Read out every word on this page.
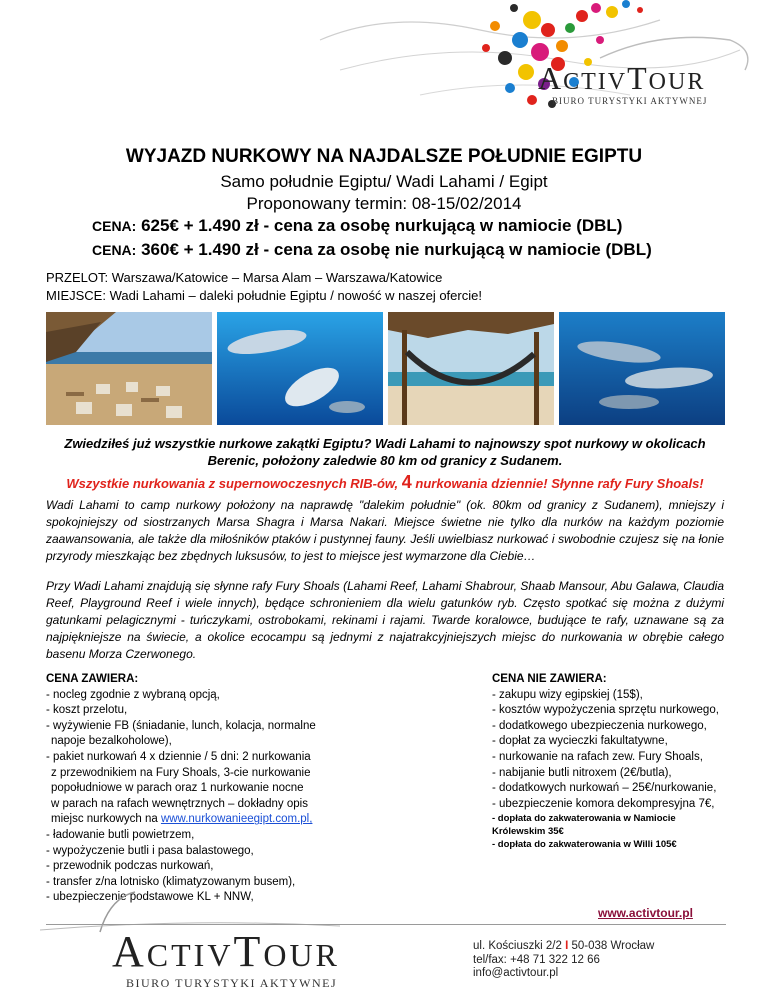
ACTIVTOUR
BIURO TURYSTYKI AKTYWNEJ
WYJAZD NURKOWY NA NAJDALSZE POŁUDNIE EGIPTU
Samo południe Egiptu/ Wadi Lahami / Egipt
Proponowany termin: 08-15/02/2014
CENA: 625€ + 1.490 zł - cena za osobę nurkującą w namiocie (DBL)
CENA: 360€ + 1.490 zł - cena za osobę nie nurkującą w namiocie (DBL)
PRZELOT: Warszawa/Katowice – Marsa Alam – Warszawa/Katowice
MIEJSCE: Wadi Lahami – daleki południe Egiptu / nowość w naszej ofercie!
Zwiedziłeś już wszystkie nurkowe zakątki Egiptu? Wadi Lahami to najnowszy spot nurkowy w okolicach Berenic, położony zaledwie 80 km od granicy z Sudanem.
Wszystkie nurkowania z supernowoczesnych RIB-ów, 4 nurkowania dziennie! Słynne rafy Fury Shoals!
Wadi Lahami to camp nurkowy położony na naprawdę "dalekim południe" (ok. 80km od granicy z Sudanem), mniejszy i spokojniejszy od siostrzanych Marsa Shagra i Marsa Nakari. Miejsce świetne nie tylko dla nurków na każdym poziomie zaawansowania, ale także dla miłośników ptaków i pustynnej fauny. Jeśli uwielbiasz nurkować i swobodnie czujesz się na łonie przyrody mieszkając bez zbędnych luksusów, to jest to miejsce jest wymarzone dla Ciebie…
Przy Wadi Lahami znajdują się słynne rafy Fury Shoals (Lahami Reef, Lahami Shabrour, Shaab Mansour, Abu Galawa, Claudia Reef, Playground Reef i wiele innych), będące schronieniem dla wielu gatunków ryb. Często spotkać się można z dużymi gatunkami pelagicznymi - tuńczykami, ostrobokami, rekinami i rajami. Twarde koralowce, budujące te rafy, uznawane są za najpiękniejsze na świecie, a okolice ecocampu są jednymi z najatrakcyjniejszych miejsc do nurkowania w obrębie całego basenu Morza Czerwonego.
CENA ZAWIERA:
- nocleg zgodnie z wybraną opcją,
- koszt przelotu,
- wyżywienie FB (śniadanie, lunch, kolacja, normalne
napoje bezalkoholowe),
- pakiet nurkowań 4 x dziennie / 5 dni: 2 nurkowania
z przewodnikiem na Fury Shoals, 3-cie nurkowanie
popołudniowe w parach oraz 1 nurkowanie nocne
w parach na rafach wewnętrznych – dokładny opis
miejsc nurkowych na www.nurkowanieegipt.com.pl,
- ładowanie butli powietrzem,
- wypożyczenie butli i pasa balastowego,
- przewodnik podczas nurkowań,
- transfer z/na lotnisko (klimatyzowanym busem),
- ubezpieczenie podstawowe KL + NNW,
CENA NIE ZAWIERA:
- zakupu wizy egipskiej (15$),
- kosztów wypożyczenia sprzętu nurkowego,
- dodatkowego ubezpieczenia nurkowego,
- dopłat za wycieczki fakultatywne,
- nurkowanie na rafach zew. Fury Shoals,
- nabijanie butli nitroxem (2€/butla),
- dodatkowych nurkowań – 25€/nurkowanie,
- ubezpieczenie komora dekompresyjna 7€,
- dopłata do zakwaterowania w Namiocie Królewskim 35€
- dopłata do zakwaterowania w Willi 105€
ACTIVTOUR
BIURO TURYSTYKI AKTYWNEJ
www.activtour.pl
ul. Kościuszki 2/2 I 50-038 Wrocław
tel/fax: +48 71 322 12 66
info@activtour.pl
